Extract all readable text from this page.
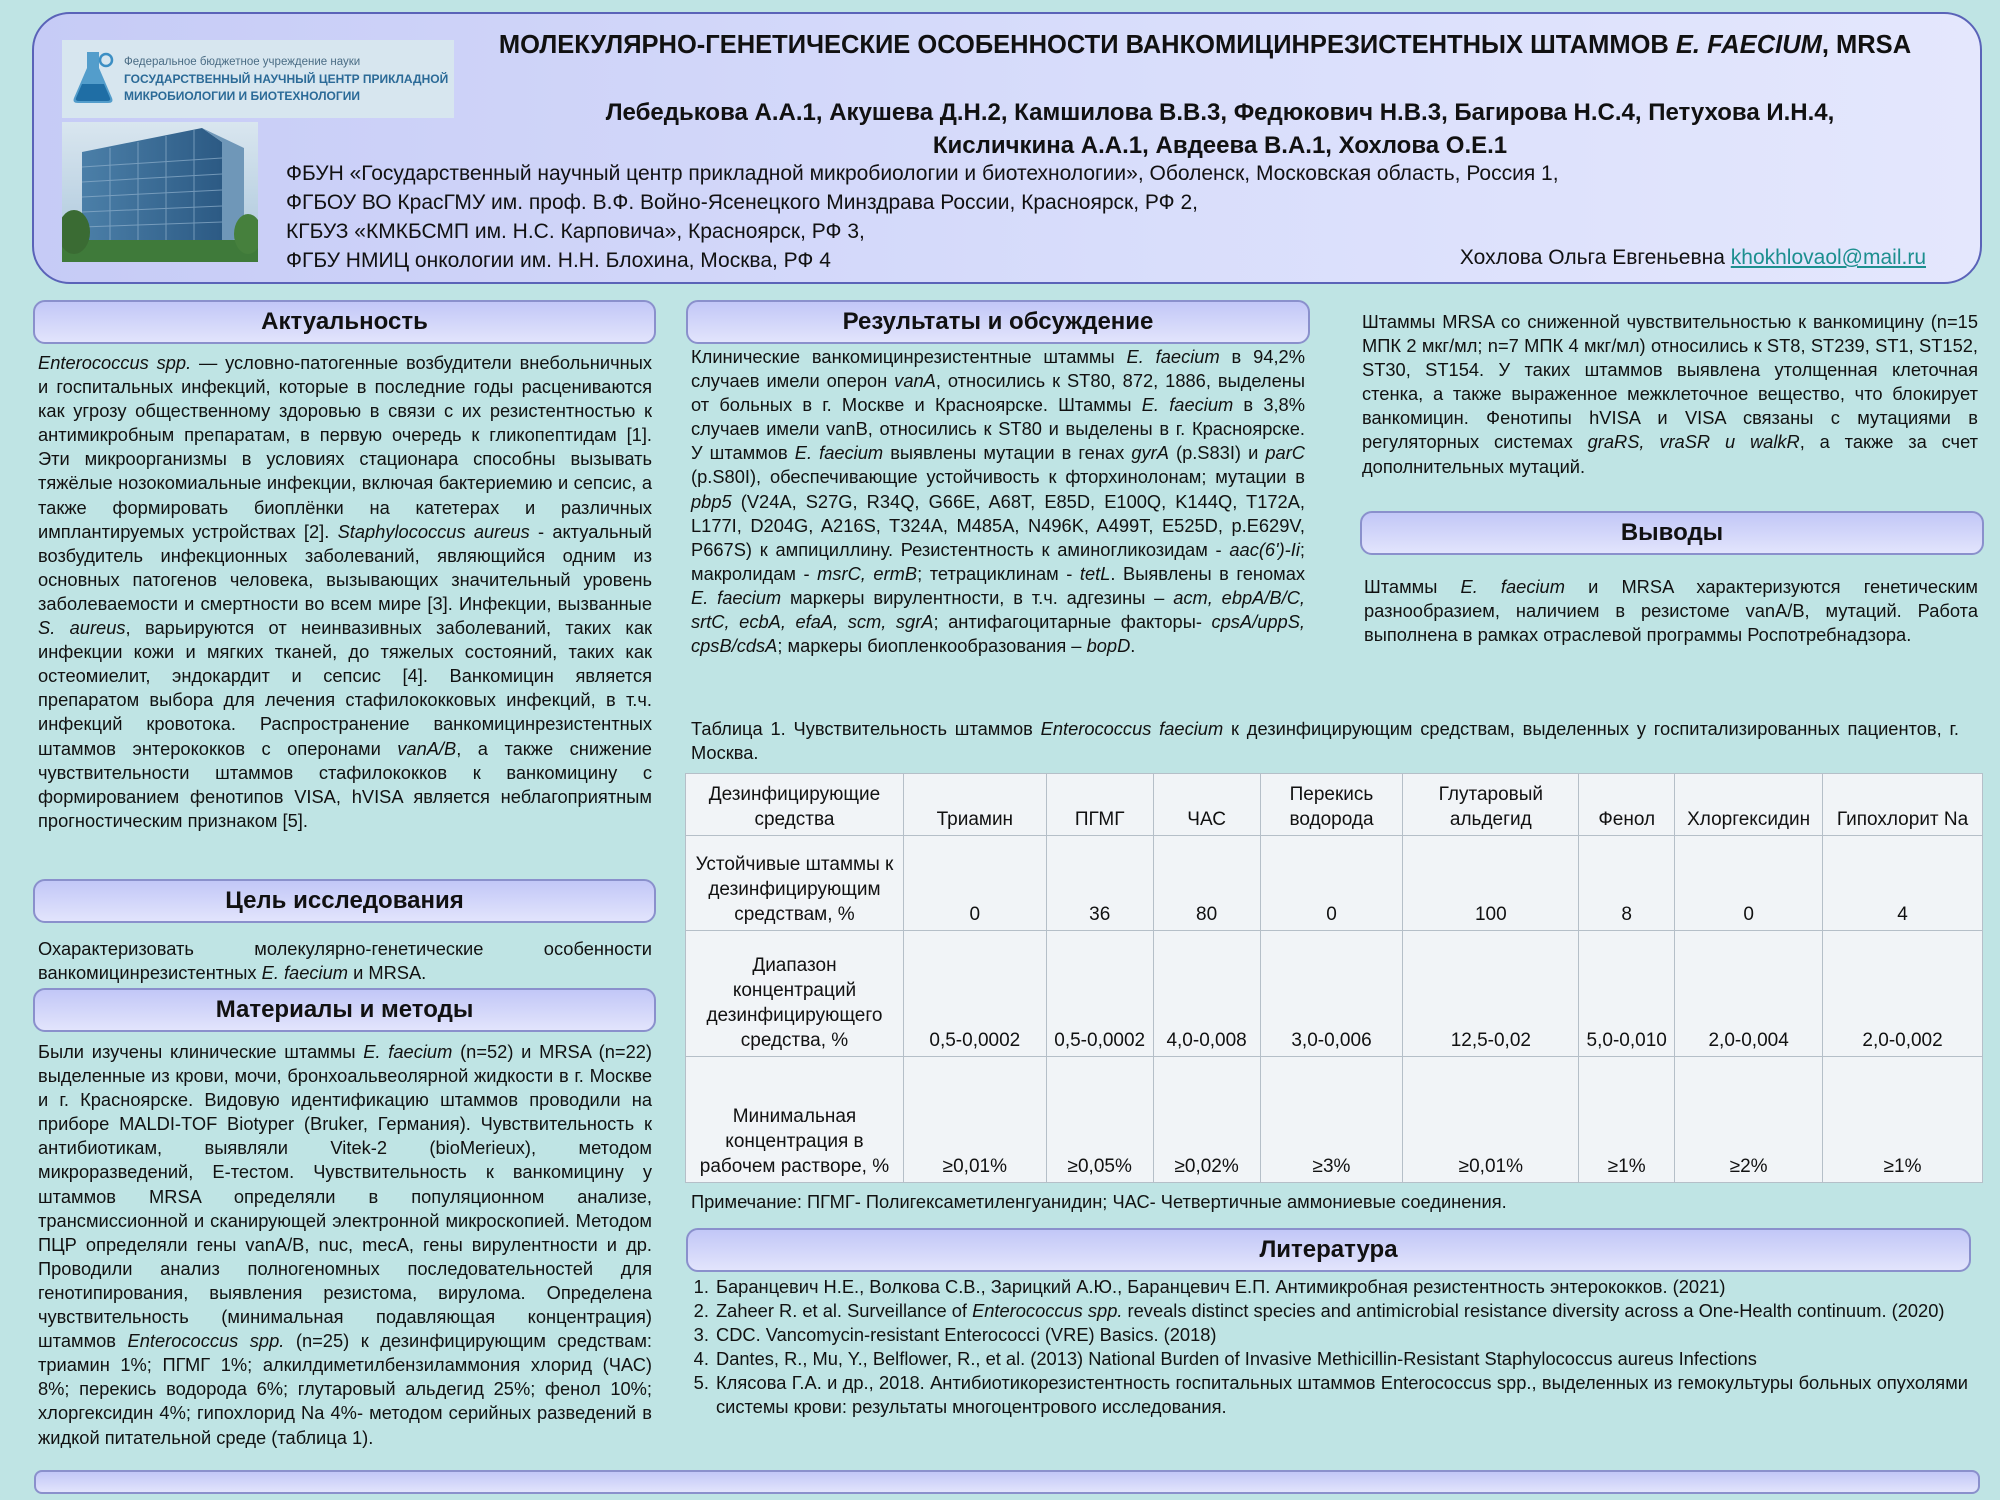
Федеральное бюджетное учреждение науки
ГОСУДАРСТВЕННЫЙ НАУЧНЫЙ ЦЕНТР ПРИКЛАДНОЙ
МИКРОБИОЛОГИИ И БИОТЕХНОЛОГИИ
МОЛЕКУЛЯРНО-ГЕНЕТИЧЕСКИЕ ОСОБЕННОСТИ ВАНКОМИЦИНРЕЗИСТЕНТНЫХ ШТАММОВ E. FAECIUM, MRSA
Лебедькова А.А.1, Акушева Д.Н.2, Камшилова В.В.3, Федюкович Н.В.3, Багирова Н.С.4, Петухова И.Н.4,
Кисличкина А.А.1, Авдеева В.А.1, Хохлова О.Е.1
ФБУН «Государственный научный центр прикладной микробиологии и биотехнологии», Оболенск, Московская область, Россия 1,
ФГБОУ ВО КрасГМУ им. проф. В.Ф. Войно-Ясенецкого Минздрава России, Красноярск, РФ 2,
КГБУЗ «КМКБСМП им. Н.С. Карповича», Красноярск, РФ 3,
ФГБУ НМИЦ онкологии им. Н.Н. Блохина, Москва, РФ 4	Хохлова Ольга Евгеньевна khokhlovaol@mail.ru
Актуальность

Enterococcus spp. — условно-патогенные возбудители внебольничных и госпитальных инфекций, которые в последние годы расцениваются как угрозу общественному здоровью в связи с их резистентностью к антимикробным препаратам, в первую очередь к гликопептидам [1]. Эти микроорганизмы в условиях стационара способны вызывать тяжёлые нозокомиальные инфекции, включая бактериемию и сепсис, а также формировать биоплёнки на катетерах и различных имплантируемых устройствах [2]. Staphylococcus aureus - актуальный возбудитель инфекционных заболеваний, являющийся одним из основных патогенов человека, вызывающих значительный уровень заболеваемости и смертности во всем мире [3]. Инфекции, вызванные S. aureus, варьируются от неинвазивных заболеваний, таких как инфекции кожи и мягких тканей, до тяжелых состояний, таких как остеомиелит, эндокардит и сепсис [4]. Ванкомицин является препаратом выбора для лечения стафилококковых инфекций, в т.ч. инфекций кровотока. Распространение ванкомицинрезистентных штаммов энтерококков с оперонами vanA/B, а также снижение чувствительности штаммов стафилококков к ванкомицину с формированием фенотипов VISA, hVISA является неблагоприятным прогностическим признаком [5].

Цель исследования

Охарактеризовать молекулярно-генетические особенности ванкомицинрезистентных E. faecium и MRSA.

Материалы и методы

Были изучены клинические штаммы E. faecium (n=52) и MRSA (n=22) выделенные из крови, мочи, бронхоальвеолярной жидкости в г. Москве и г. Красноярске. Видовую идентификацию штаммов проводили на приборе MALDI-TOF Biotyper (Bruker, Германия). Чувствительность к антибиотикам, выявляли Vitek-2 (bioMerieux), методом микроразведений, Е-тестом. Чувствительность к ванкомицину у штаммов MRSA определяли в популяционном анализе, трансмиссионной и сканирующей электронной микроскопией. Методом ПЦР определяли гены vanA/B, nuc, mecA, гены вирулентности и др. Проводили анализ полногеномных последовательностей для генотипирования, выявления резистома, вирулома. Определена чувствительность (минимальная подавляющая концентрация) штаммов Enterococcus spp. (n=25) к дезинфицирующим средствам: триамин 1%; ПГМГ 1%; алкилдиметилбензиламмония хлорид (ЧАС) 8%; перекись водорода 6%; глутаровый альдегид 25%; фенол 10%; хлоргексидин 4%; гипохлорид Na 4%- методом серийных разведений в жидкой питательной среде (таблица 1).

Результаты и обсуждение

Клинические ванкомицинрезистентные штаммы E. faecium в 94,2% случаев имели оперон vanA, относились к ST80, 872, 1886, выделены от больных в г. Москве и Красноярске. Штаммы E. faecium в 3,8% случаев имели vanB, относились к ST80 и выделены в г. Красноярске. У штаммов E. faecium выявлены мутации в генах gyrA (p.S83I) и parC (p.S80I), обеспечивающие устойчивость к фторхинолонам; мутации в pbp5 (V24A, S27G, R34Q, G66E, A68T, E85D, E100Q, K144Q, T172A, L177I, D204G, A216S, T324A, M485A, N496K, A499T, E525D, p.E629V, P667S) к ампициллину. Резистентность к аминогликозидам - aac(6')-Ii; макролидам - msrC, ermB; тетрациклинам - tetL. Выявлены в геномах E. faecium маркеры вирулентности, в т.ч. адгезины – acm, ebpA/B/C, srtC, ecbA, efaA, scm, sgrA; антифагоцитарные факторы- cpsA/uppS, cpsB/cdsA; маркеры биопленкообразования – bopD.

Штаммы MRSA со сниженной чувствительностью к ванкомицину (n=15 МПК 2 мкг/мл; n=7 МПК 4 мкг/мл) относились к ST8, ST239, ST1, ST152, ST30, ST154. У таких штаммов выявлена утолщенная клеточная стенка, а также выраженное межклеточное вещество, что блокирует ванкомицин. Фенотипы hVISA и VISA связаны с мутациями в регуляторных системах graRS, vraSR u walkR, а также за счет дополнительных мутаций.

Выводы

Штаммы E. faecium и MRSA характеризуются генетическим разнообразием, наличием в резистоме vanA/B, мутаций. Работа выполнена в рамках отраслевой программы Роспотребнадзора.

Таблица 1. Чувствительность штаммов Enterococcus faecium к дезинфицирующим средствам, выделенных у госпитализированных пациентов, г. Москва.

Дезинфицирующие средства	Триамин	ПГМГ	ЧАС	Перекись водорода	Глутаровый альдегид	Фенол	Хлоргексидин	Гипохлорит Na
Устойчивые штаммы к дезинфицирующим средствам, %	0	36	80	0	100	8	0	4
Диапазон концентраций дезинфицирующего средства, %	0,5-0,0002	0,5-0,0002	4,0-0,008	3,0-0,006	12,5-0,02	5,0-0,010	2,0-0,004	2,0-0,002
Минимальная концентрация в рабочем растворе, %	≥0,01%	≥0,05%	≥0,02%	≥3%	≥0,01%	≥1%	≥2%	≥1%

Примечание: ПГМГ- Полигексаметиленгуанидин; ЧАС- Четвертичные аммониевые соединения.

Литература
1. Баранцевич Н.Е., Волкова С.В., Зарицкий А.Ю., Баранцевич Е.П. Антимикробная резистентность энтерококков. (2021)
2. Zaheer R. et al. Surveillance of Enterococcus spp. reveals distinct species and antimicrobial resistance diversity across a One-Health continuum. (2020)
3. CDC. Vancomycin-resistant Enterococci (VRE) Basics. (2018)
4. Dantes, R., Mu, Y., Belflower, R., et al. (2013) National Burden of Invasive Methicillin-Resistant Staphylococcus aureus Infections
5. Клясова Г.А. и др., 2018. Антибиотикорезистентность госпитальных штаммов Enterococcus spp., выделенных из гемокультуры больных опухолями системы крови: результаты многоцентрового исследования.
